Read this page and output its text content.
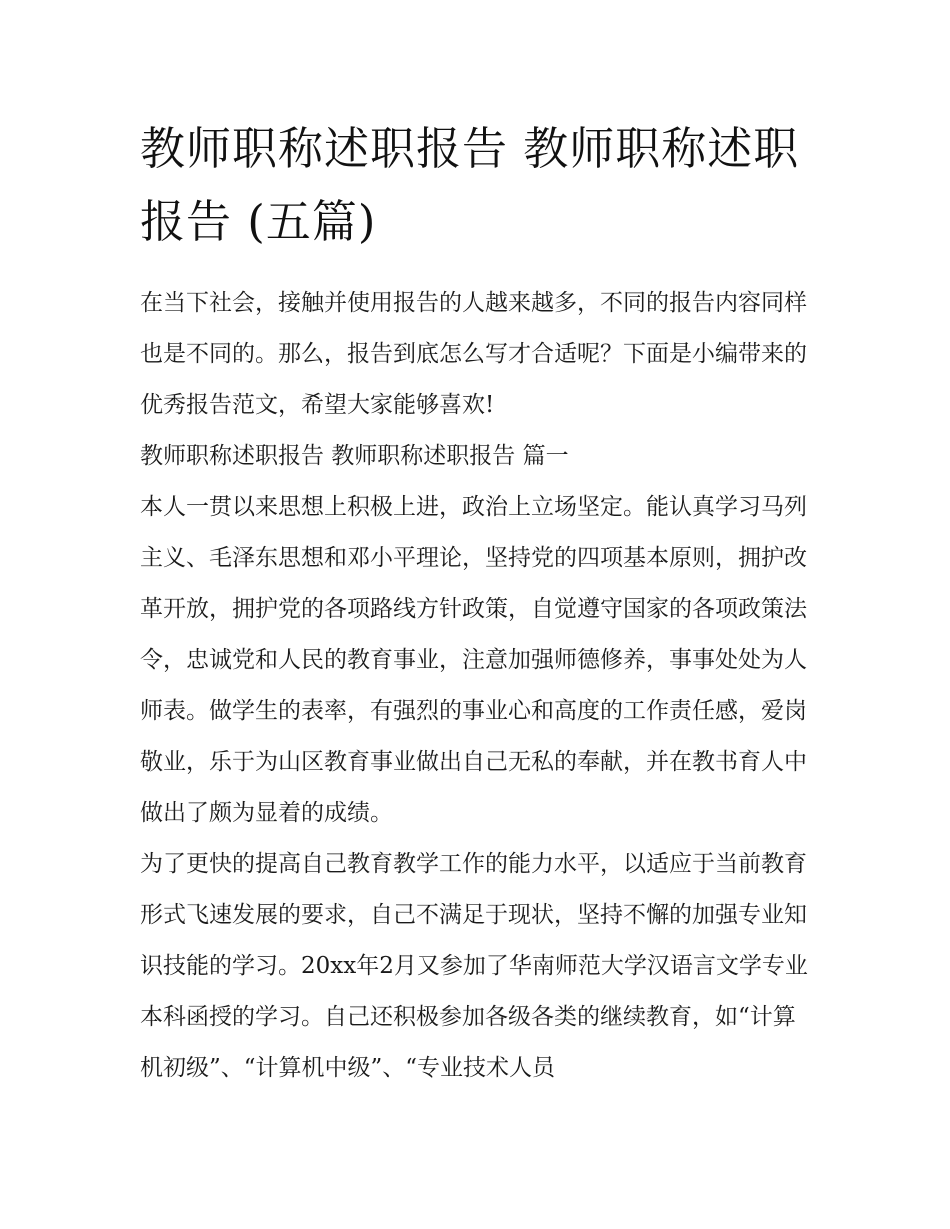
教师职称述职报告 教师职称述职报告 (五篇)

在当下社会，接触并使用报告的人越来越多，不同的报告内容同样也是不同的。那么，报告到底怎么写才合适呢？下面是小编带来的优秀报告范文，希望大家能够喜欢!

教师职称述职报告 教师职称述职报告 篇一

本人一贯以来思想上积极上进，政治上立场坚定。能认真学习马列主义、毛泽东思想和邓小平理论，坚持党的四项基本原则，拥护改革开放，拥护党的各项路线方针政策，自觉遵守国家的各项政策法令，忠诚党和人民的教育事业，注意加强师德修养，事事处处为人师表。做学生的表率，有强烈的事业心和高度的工作责任感，爱岗敬业，乐于为山区教育事业做出自己无私的奉献，并在教书育人中做出了颇为显着的成绩。

为了更快的提高自己教育教学工作的能力水平，以适应于当前教育形式飞速发展的要求，自己不满足于现状，坚持不懈的加强专业知识技能的学习。20xx年2月又参加了华南师范大学汉语言文学专业本科函授的学习。自己还积极参加各级各类的继续教育，如“计算机初级”、“计算机中级”、“专业技术人员
